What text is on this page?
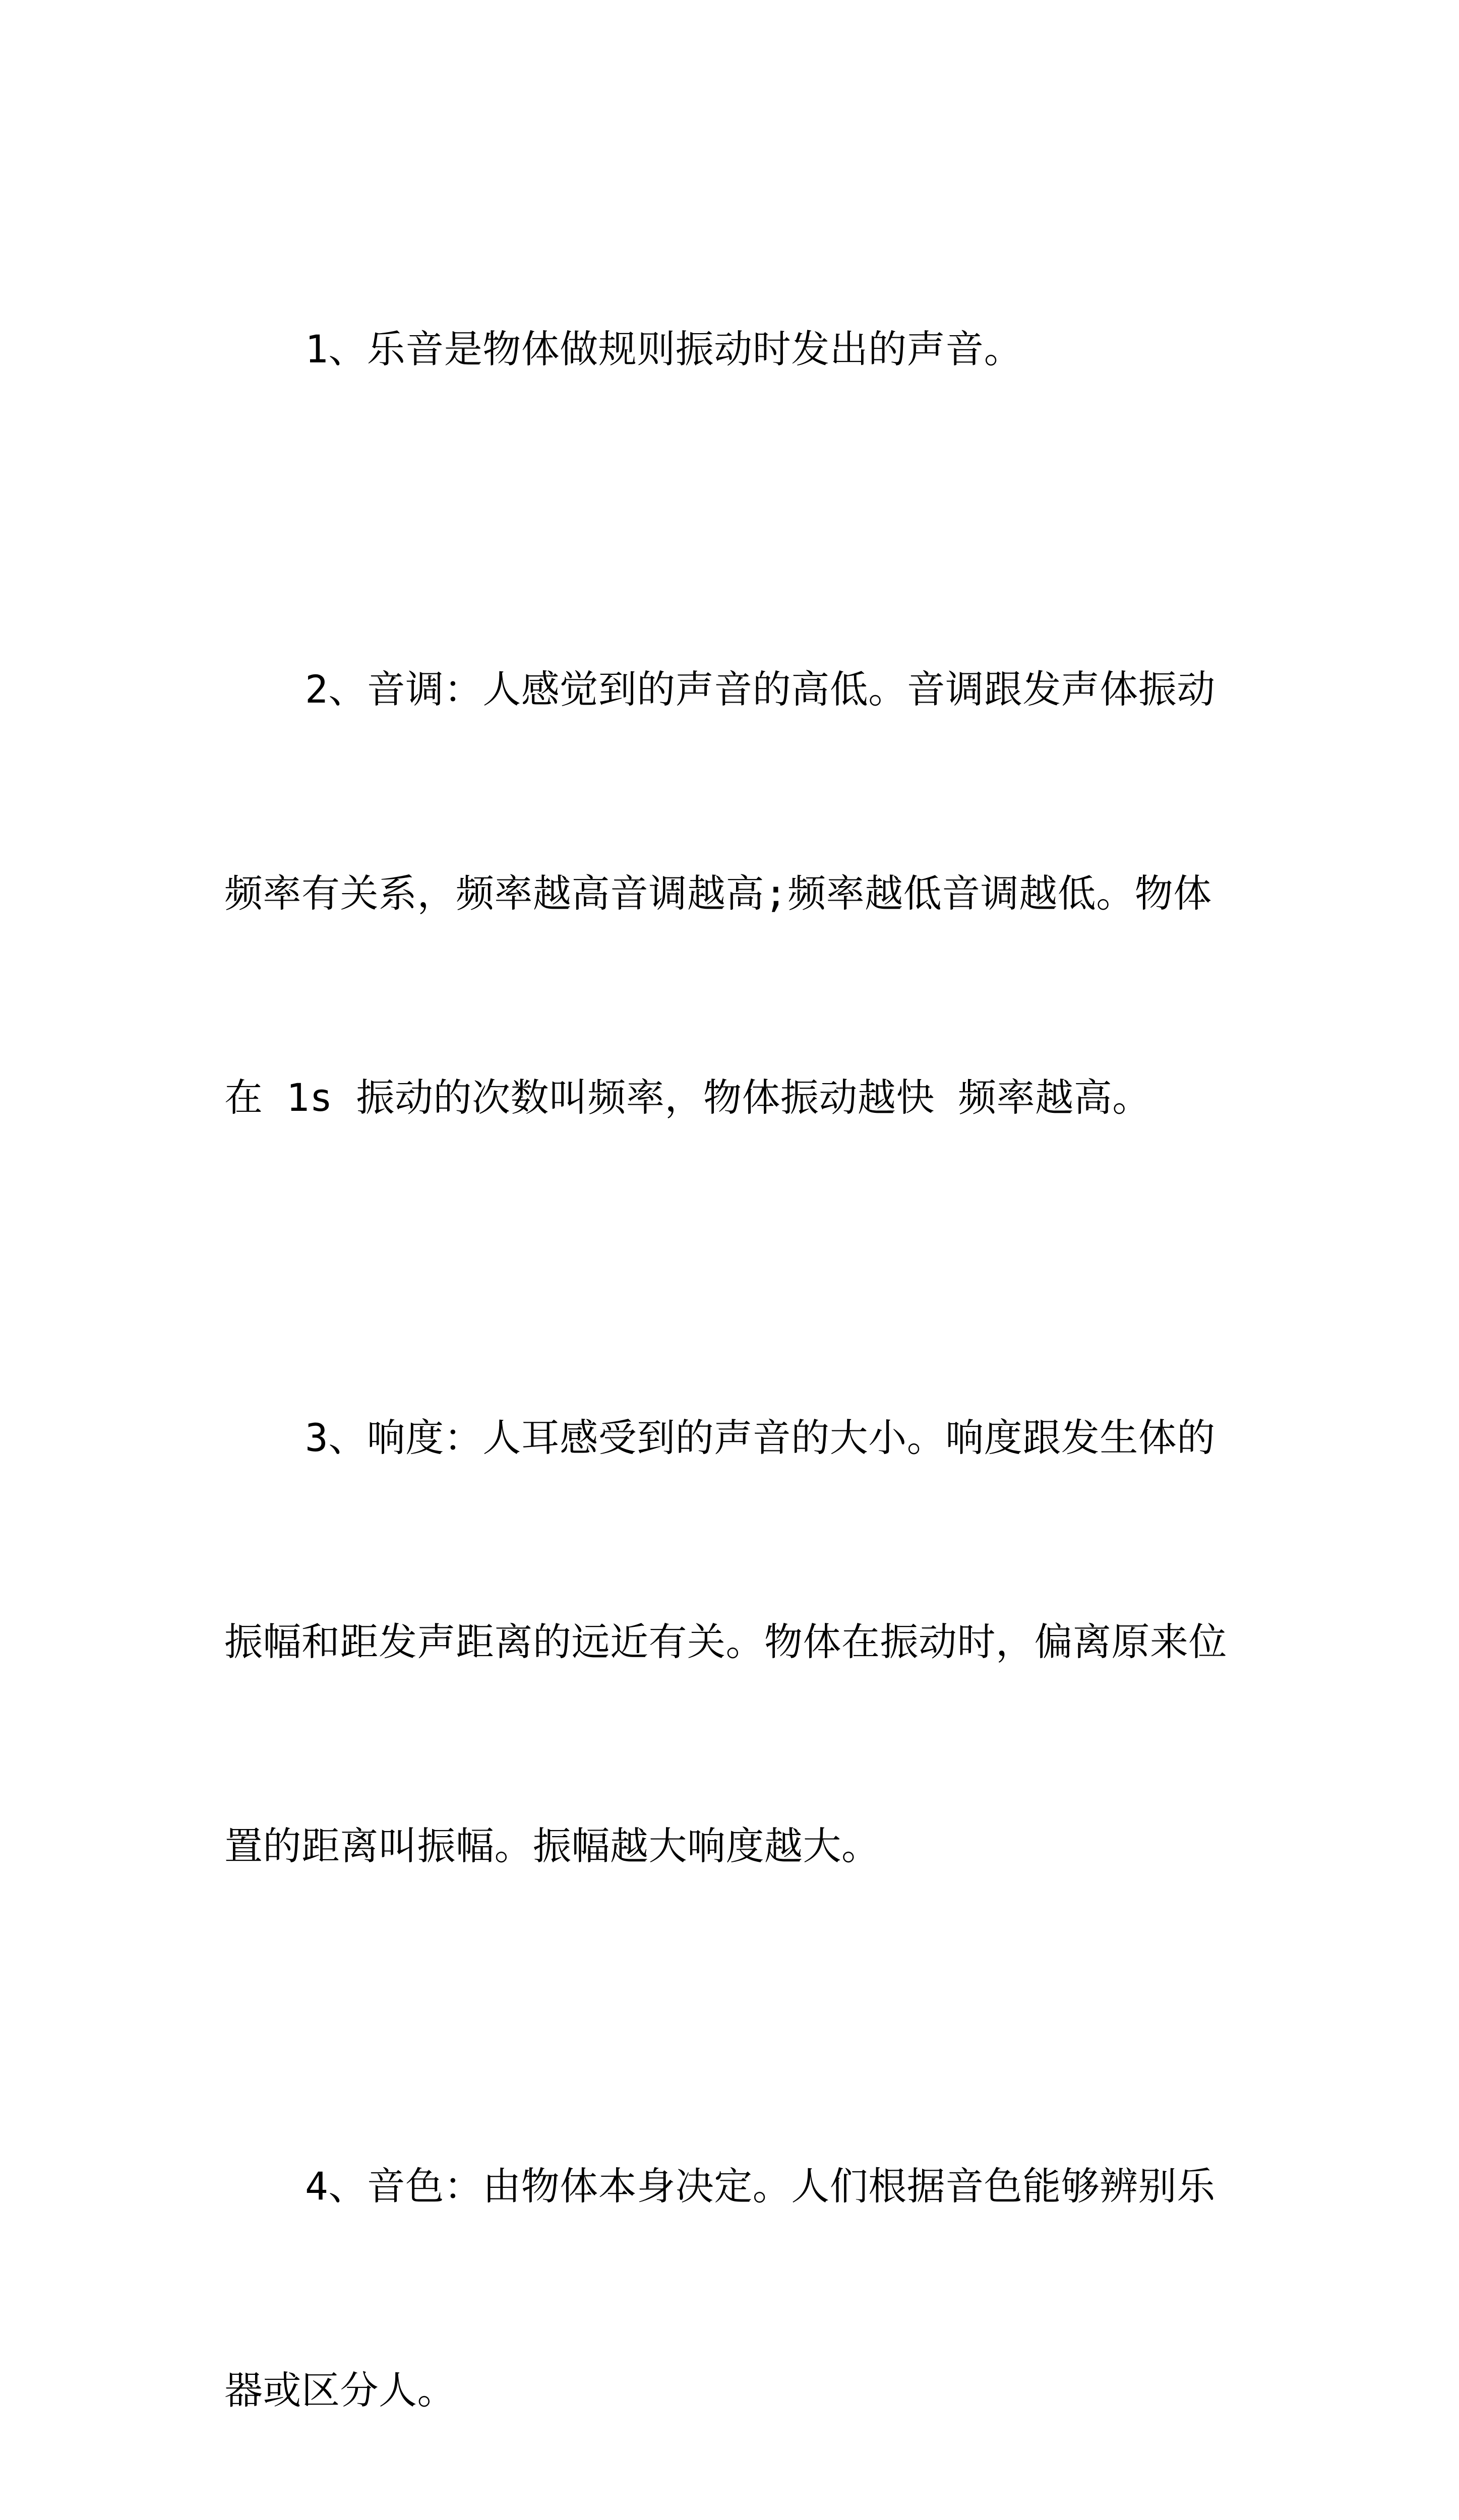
1、乐音是物体做规则振动时发出的声音。

2、音调：人感觉到的声音的高低。音调跟发声体振动

频率有关系，频率越高音调越高;频率越低音调越低。物体

在 1s 振动的次数叫频率，物体振动越快 频率越高。

3、响度：人耳感受到的声音的大小。响度跟发生体的

振幅和距发声距离的远近有关。物体在振动时，偏离原来位

置的距离叫振幅。振幅越大响度越大。

4、音色：由物体本身决定。人们根据音色能够辨别乐

器或区分人。
